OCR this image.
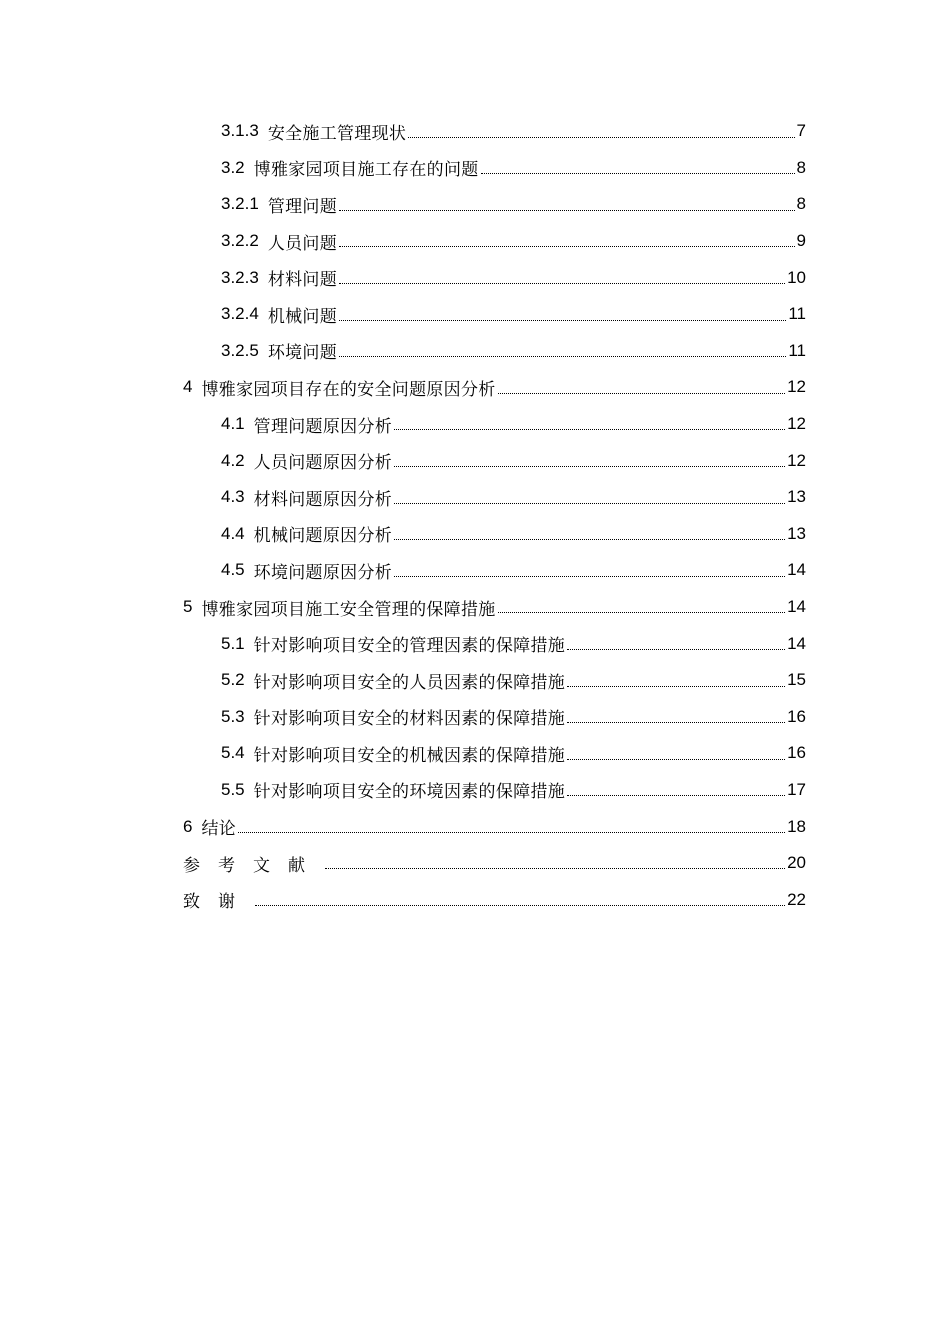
3.1.3 安全施工管理现状	7
3.2 博雅家园项目施工存在的问题	8
3.2.1 管理问题	8
3.2.2 人员问题	9
3.2.3 材料问题	10
3.2.4 机械问题	11
3.2.5 环境问题	11
4 博雅家园项目存在的安全问题原因分析	12
4.1 管理问题原因分析	12
4.2 人员问题原因分析	12
4.3 材料问题原因分析	13
4.4 机械问题原因分析	13
4.5 环境问题原因分析	14
5 博雅家园项目施工安全管理的保障措施	14
5.1 针对影响项目安全的管理因素的保障措施	14
5.2 针对影响项目安全的人员因素的保障措施	15
5.3 针对影响项目安全的材料因素的保障措施	16
5.4 针对影响项目安全的机械因素的保障措施	16
5.5 针对影响项目安全的环境因素的保障措施	17
6 结论	18
参考文献	20
致谢	22
